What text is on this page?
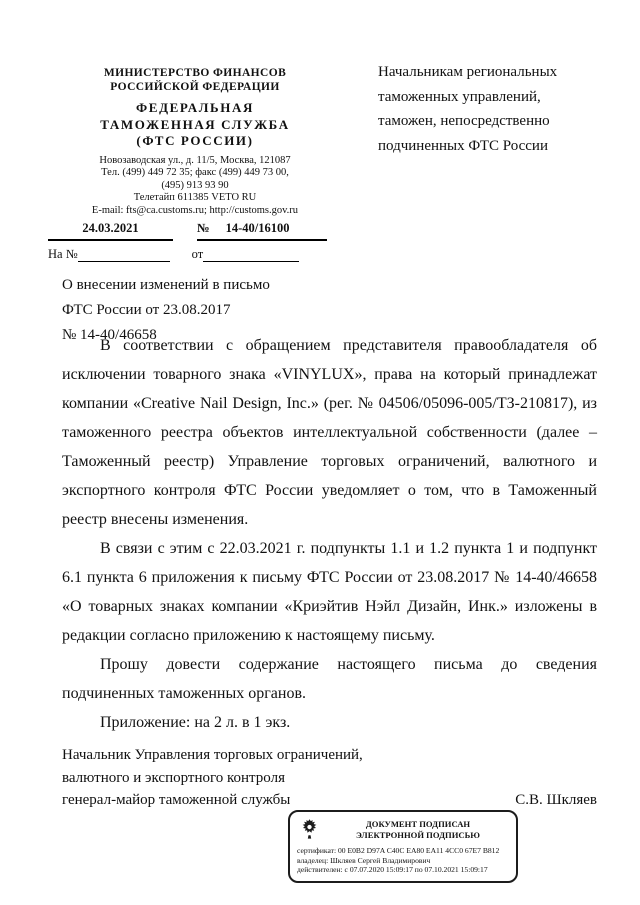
МИНИСТЕРСТВО ФИНАНСОВ
РОССИЙСКОЙ ФЕДЕРАЦИИ
ФЕДЕРАЛЬНАЯ
ТАМОЖЕННАЯ СЛУЖБА
(ФТС РОССИИ)
Новозаводская ул., д. 11/5, Москва, 121087
Тел. (499) 449 72 35; факс (499) 449 73 00,
(495) 913 93 90
Телетайп 611385 VETO RU
E-mail: fts@ca.customs.ru; http://customs.gov.ru
24.03.2021	№ 14-40/16100
На №	от
О внесении изменений в письмо
ФТС России от 23.08.2017
№ 14-40/46658
Начальникам региональных
таможенных управлений,
таможен, непосредственно
подчиненных ФТС России

В соответствии с обращением представителя правообладателя об исключении товарного знака «VINYLUX», права на который принадлежат компании «Creative Nail Design, Inc.» (рег. № 04506/05096-005/ТЗ-210817), из таможенного реестра объектов интеллектуальной собственности (далее – Таможенный реестр) Управление торговых ограничений, валютного и экспортного контроля ФТС России уведомляет о том, что в Таможенный реестр внесены изменения.

В связи с этим с 22.03.2021 г. подпункты 1.1 и 1.2 пункта 1 и подпункт 6.1 пункта 6 приложения к письму ФТС России от 23.08.2017 № 14-40/46658 «О товарных знаках компании «Криэйтив Нэйл Дизайн, Инк.» изложены в редакции согласно приложению к настоящему письму.

Прошу довести содержание настоящего письма до сведения подчиненных таможенных органов.

Приложение: на 2 л. в 1 экз.

Начальник Управления торговых ограничений,
валютного и экспортного контроля
генерал-майор таможенной службы	С.В. Шкляев
ДОКУМЕНТ ПОДПИСАН ЭЛЕКТРОННОЙ ПОДПИСЬЮ
сертификат: 00 E0B2 D97A C40C EA80 EA11 4CC0 67E7 B812
владелец: Шкляев Сергей Владимирович
действителен: с 07.07.2020 15:09:17 по 07.10.2021 15:09:17
